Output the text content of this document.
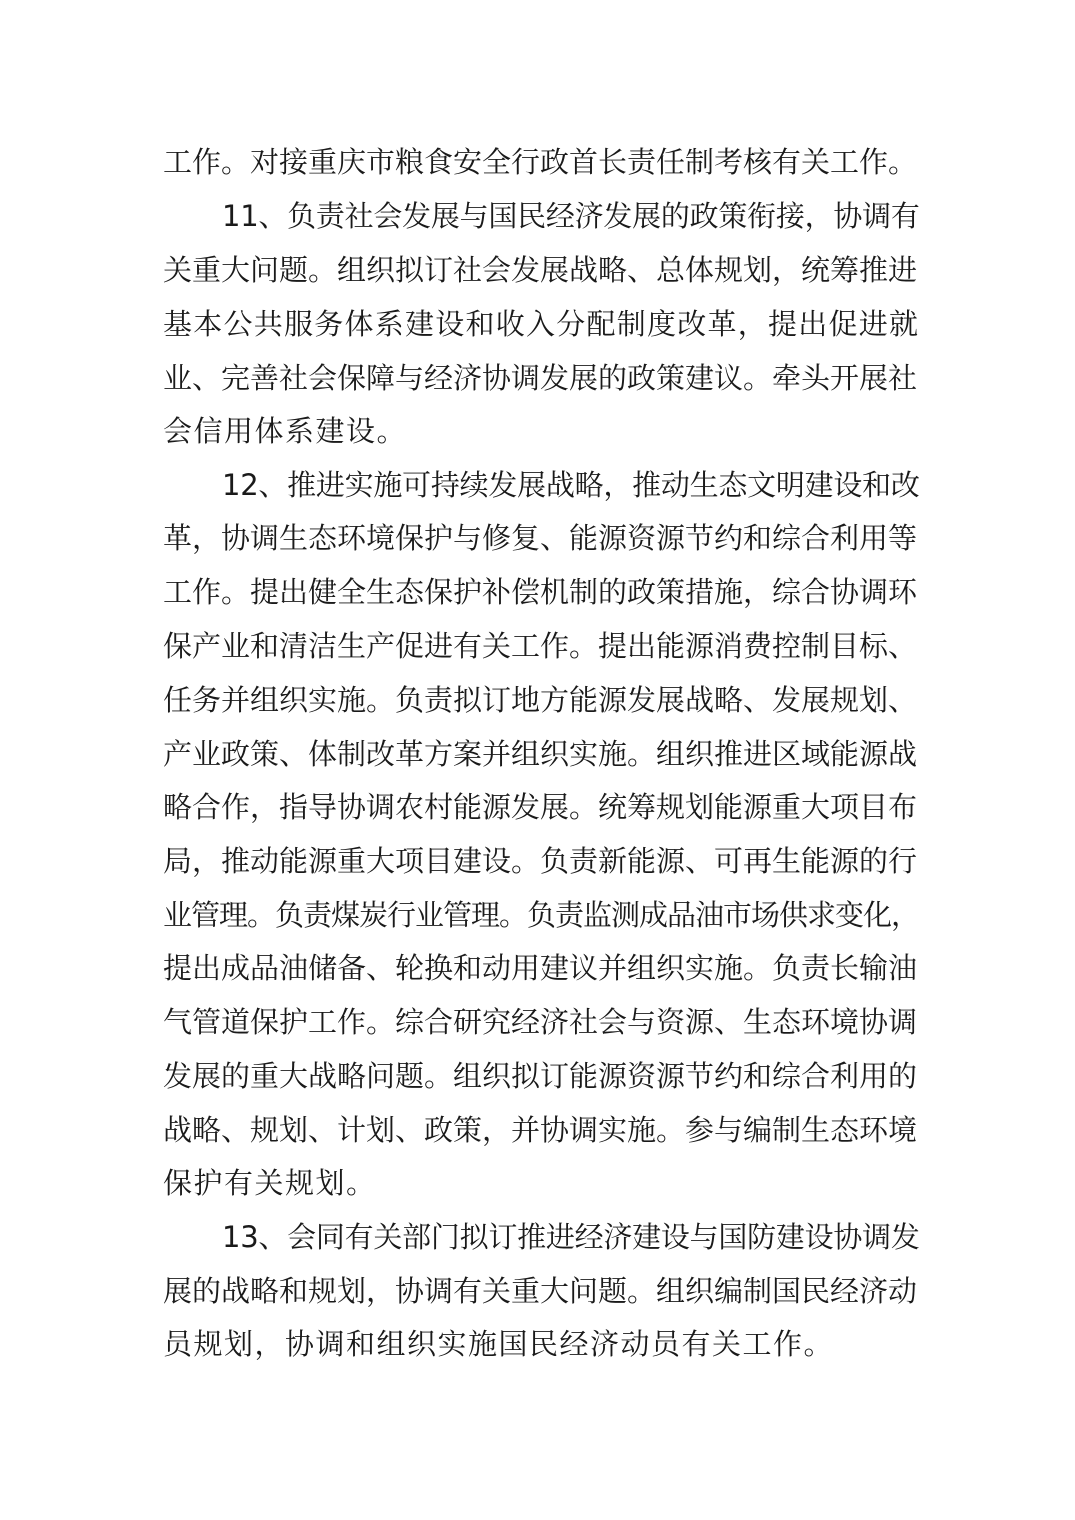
工作。对接重庆市粮食安全行政首长责任制考核有关工作。
11、负责社会发展与国民经济发展的政策衔接，协调有
关重大问题。组织拟订社会发展战略、总体规划，统筹推进
基本公共服务体系建设和收入分配制度改革，提出促进就
业、完善社会保障与经济协调发展的政策建议。牵头开展社
会信用体系建设。
12、推进实施可持续发展战略，推动生态文明建设和改
革，协调生态环境保护与修复、能源资源节约和综合利用等
工作。提出健全生态保护补偿机制的政策措施，综合协调环
保产业和清洁生产促进有关工作。提出能源消费控制目标、
任务并组织实施。负责拟订地方能源发展战略、发展规划、
产业政策、体制改革方案并组织实施。组织推进区域能源战
略合作，指导协调农村能源发展。统筹规划能源重大项目布
局，推动能源重大项目建设。负责新能源、可再生能源的行
业管理。负责煤炭行业管理。负责监测成品油市场供求变化，
提出成品油储备、轮换和动用建议并组织实施。负责长输油
气管道保护工作。综合研究经济社会与资源、生态环境协调
发展的重大战略问题。组织拟订能源资源节约和综合利用的
战略、规划、计划、政策，并协调实施。参与编制生态环境
保护有关规划。
13、会同有关部门拟订推进经济建设与国防建设协调发
展的战略和规划，协调有关重大问题。组织编制国民经济动
员规划，协调和组织实施国民经济动员有关工作。
